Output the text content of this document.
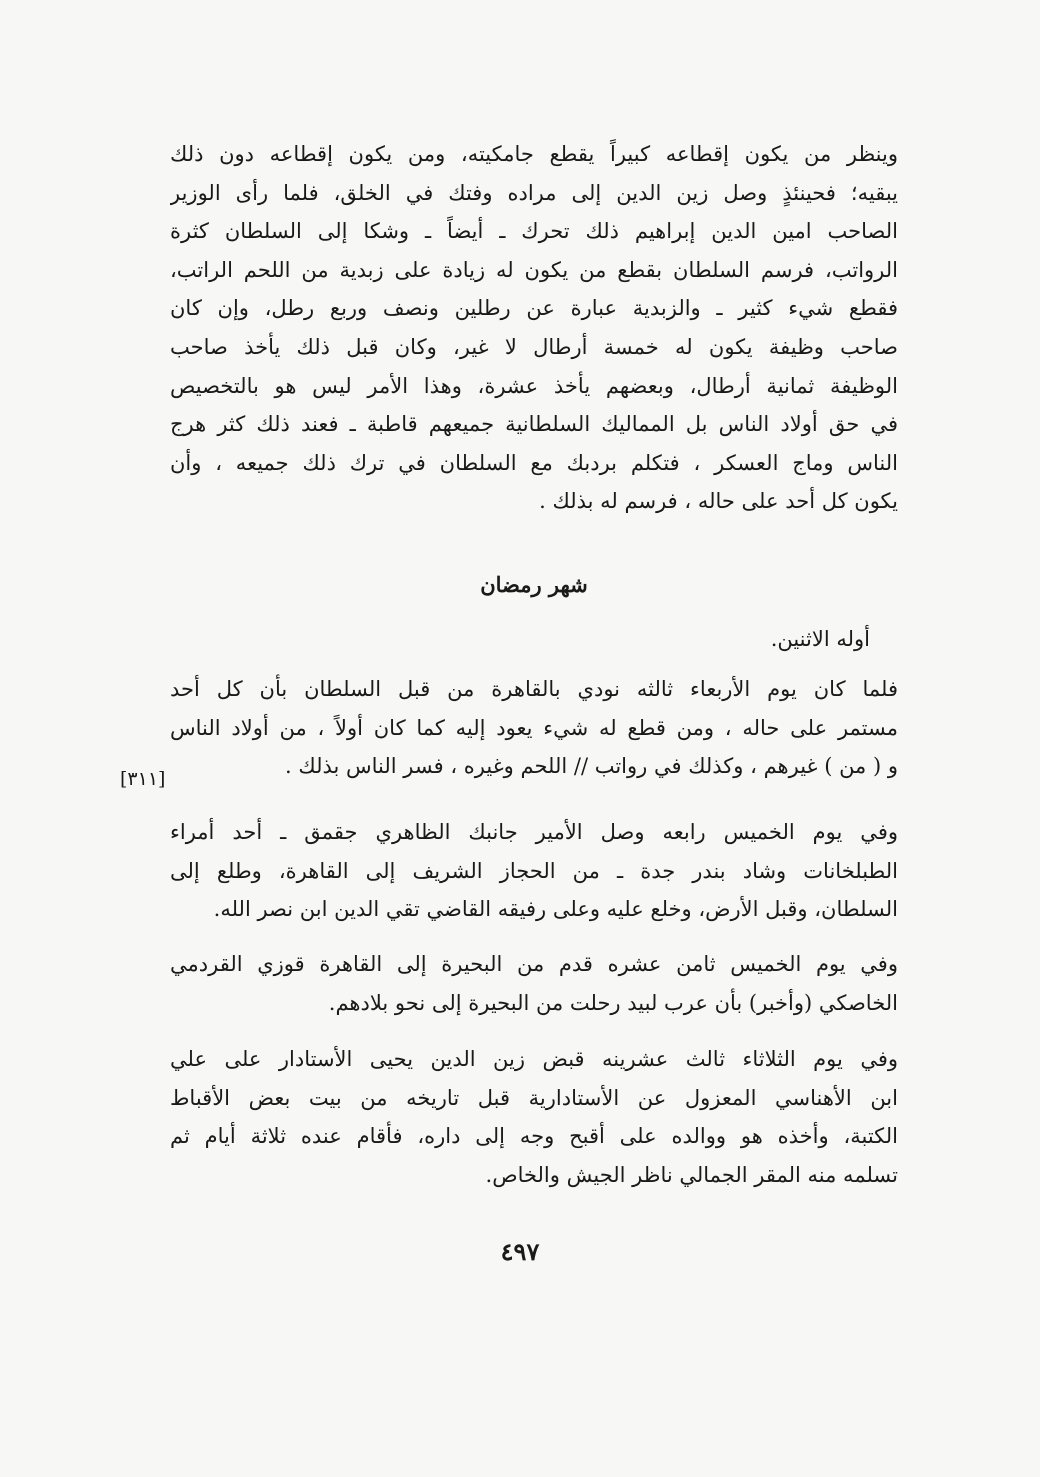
وينظر من يكون إقطاعه كبيراً يقطع جامكيته، ومن يكون إقطاعه دون ذلك
يبقيه؛ فحينئذٍ وصل زين الدين إلى مراده وفتك في الخلق، فلما رأى الوزير
الصاحب امين الدين إبراهيم ذلك تحرك ـ أيضاً ـ وشكا إلى السلطان كثرة
الرواتب، فرسم السلطان بقطع من يكون له زيادة على زبدية من اللحم الراتب،
فقطع شيء كثير ـ والزبدية عبارة عن رطلين ونصف وربع رطل، وإن كان
صاحب وظيفة يكون له خمسة أرطال لا غير، وكان قبل ذلك يأخذ صاحب
الوظيفة ثمانية أرطال، وبعضهم يأخذ عشرة، وهذا الأمر ليس هو بالتخصيص
في حق أولاد الناس بل المماليك السلطانية جميعهم قاطبة ـ فعند ذلك كثر هرج
الناس وماج العسكر ، فتكلم بردبك مع السلطان في ترك ذلك جميعه ، وأن
يكون كل أحد على حاله ، فرسم له بذلك .
شهر رمضان
أوله الاثنين.
فلما كان يوم الأربعاء ثالثه نودي بالقاهرة من قبل السلطان بأن كل أحد
مستمر على حاله ، ومن قطع له شيء يعود إليه كما كان أولاً ، من أولاد الناس
و ( من ) غيرهم ، وكذلك في رواتب // اللحم وغيره ، فسر الناس بذلك .
[٣١١]
وفي يوم الخميس رابعه وصل الأمير جانبك الظاهري جقمق ـ أحد أمراء
الطبلخانات وشاد بندر جدة ـ من الحجاز الشريف إلى القاهرة، وطلع إلى
السلطان، وقبل الأرض، وخلع عليه وعلى رفيقه القاضي تقي الدين ابن نصر الله.
وفي يوم الخميس ثامن عشره قدم من البحيرة إلى القاهرة قوزي القردمي
الخاصكي (وأخبر) بأن عرب لبيد رحلت من البحيرة إلى نحو بلادهم.
وفي يوم الثلاثاء ثالث عشرينه قبض زين الدين يحيى الأستادار على علي
ابن الأهناسي المعزول عن الأستادارية قبل تاريخه من بيت بعض الأقباط
الكتبة، وأخذه هو ووالده على أقبح وجه إلى داره، فأقام عنده ثلاثة أيام ثم
تسلمه منه المقر الجمالي ناظر الجيش والخاص.
٤٩٧
